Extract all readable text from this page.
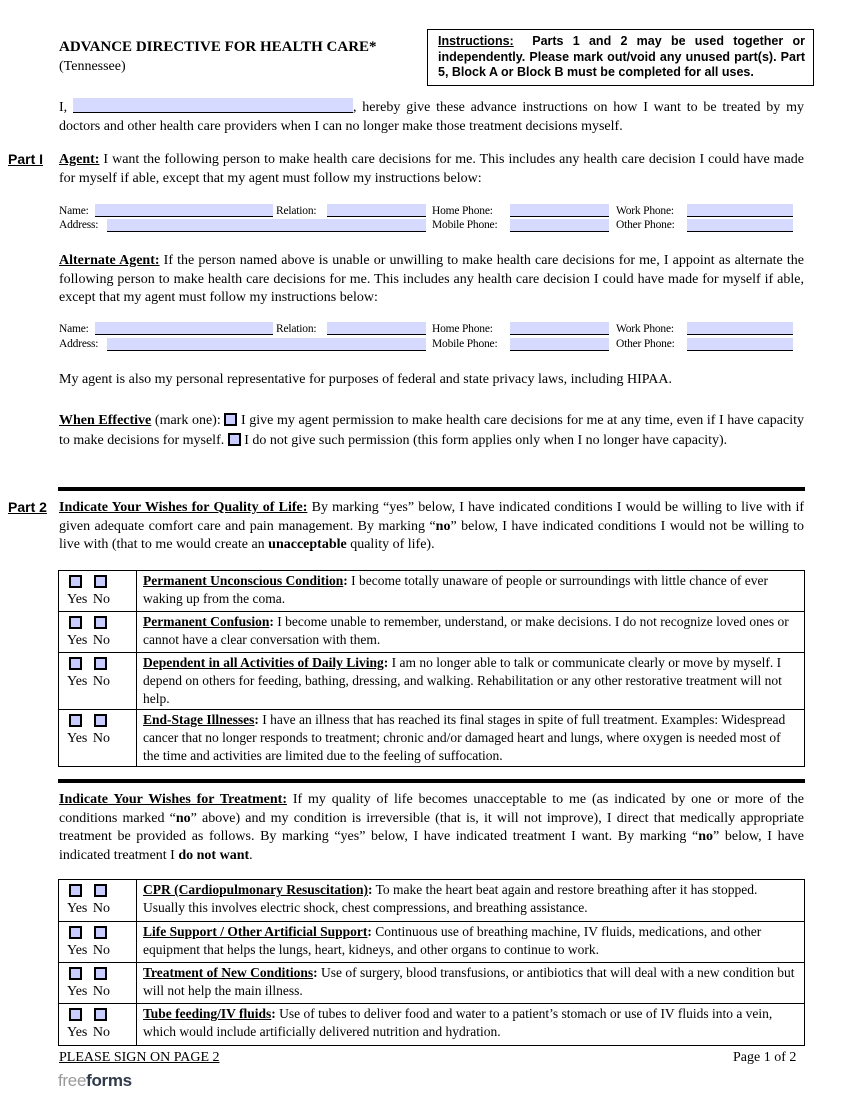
ADVANCE DIRECTIVE FOR HEALTH CARE*
(Tennessee)
Instructions: Parts 1 and 2 may be used together or independently. Please mark out/void any unused part(s). Part 5, Block A or Block B must be completed for all uses.
I,	, hereby give these advance instructions on how I want to be treated by my doctors and other health care providers when I can no longer make those treatment decisions myself.
Part I Agent: I want the following person to make health care decisions for me. This includes any health care decision I could have made for myself if able, except that my agent must follow my instructions below:
Name:	Relation:	Home Phone:	Work Phone:
Address:	Mobile Phone:	Other Phone:
Alternate Agent: If the person named above is unable or unwilling to make health care decisions for me, I appoint as alternate the following person to make health care decisions for me. This includes any health care decision I could have made for myself if able, except that my agent must follow my instructions below:
Name:	Relation:	Home Phone:	Work Phone:
Address:	Mobile Phone:	Other Phone:
My agent is also my personal representative for purposes of federal and state privacy laws, including HIPAA.
When Effective (mark one):  I give my agent permission to make health care decisions for me at any time, even if I have capacity to make decisions for myself.  I do not give such permission (this form applies only when I no longer have capacity).
Part 2 Indicate Your Wishes for Quality of Life: By marking “yes” below, I have indicated conditions I would be willing to live with if given adequate comfort care and pain management. By marking “no” below, I have indicated conditions I would not be willing to live with (that to me would create an unacceptable quality of life).
Yes No	Permanent Unconscious Condition: I become totally unaware of people or surroundings with little chance of ever waking up from the coma.

Yes No	Permanent Confusion: I become unable to remember, understand, or make decisions. I do not recognize loved ones or cannot have a clear conversation with them.

Yes No	Dependent in all Activities of Daily Living: I am no longer able to talk or communicate clearly or move by myself. I depend on others for feeding, bathing, dressing, and walking. Rehabilitation or any other restorative treatment will not help.

Yes No	End-Stage Illnesses: I have an illness that has reached its final stages in spite of full treatment. Examples: Widespread cancer that no longer responds to treatment; chronic and/or damaged heart and lungs, where oxygen is needed most of the time and activities are limited due to the feeling of suffocation.
Indicate Your Wishes for Treatment: If my quality of life becomes unacceptable to me (as indicated by one or more of the conditions marked “no” above) and my condition is irreversible (that is, it will not improve), I direct that medically appropriate treatment be provided as follows. By marking “yes” below, I have indicated treatment I want. By marking “no” below, I have indicated treatment I do not want.
Yes No	CPR (Cardiopulmonary Resuscitation): To make the heart beat again and restore breathing after it has stopped. Usually this involves electric shock, chest compressions, and breathing assistance.

Yes No	Life Support / Other Artificial Support: Continuous use of breathing machine, IV fluids, medications, and other equipment that helps the lungs, heart, kidneys, and other organs to continue to work.

Yes No	Treatment of New Conditions: Use of surgery, blood transfusions, or antibiotics that will deal with a new condition but will not help the main illness.

Yes No	Tube feeding/IV fluids: Use of tubes to deliver food and water to a patient’s stomach or use of IV fluids into a vein, which would include artificially delivered nutrition and hydration.
PLEASE SIGN ON PAGE 2	Page 1 of 2
freeforms
